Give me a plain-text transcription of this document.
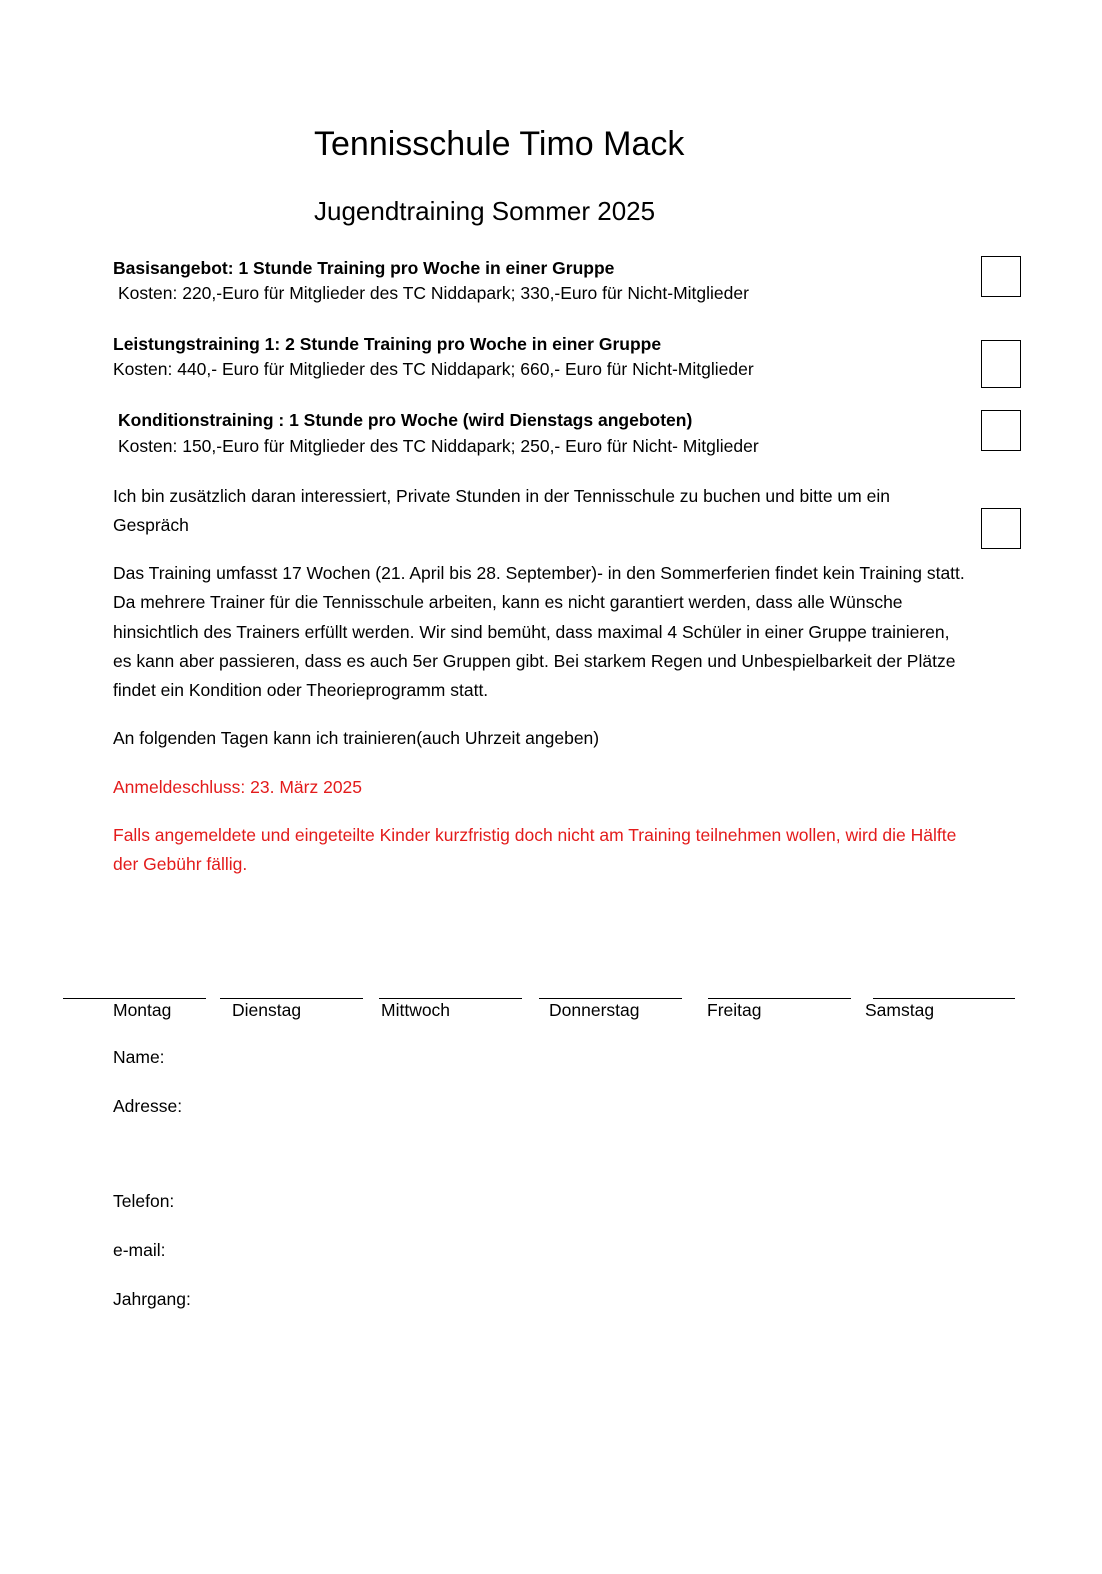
Tennisschule Timo Mack
Jugendtraining Sommer 2025
Basisangebot: 1 Stunde Training pro Woche in einer Gruppe
Kosten: 220,-Euro für Mitglieder des TC Niddapark; 330,-Euro für Nicht-Mitglieder
Leistungstraining 1: 2 Stunde Training pro Woche in einer Gruppe
Kosten: 440,- Euro für Mitglieder des TC Niddapark; 660,- Euro für Nicht-Mitglieder
Konditionstraining : 1 Stunde pro Woche (wird Dienstags angeboten)
Kosten: 150,-Euro für Mitglieder des TC Niddapark; 250,- Euro für Nicht- Mitglieder
Ich bin zusätzlich daran interessiert, Private Stunden in der Tennisschule zu buchen und bitte um ein Gespräch
Das Training umfasst 17 Wochen (21. April bis 28. September)- in den Sommerferien findet kein Training statt. Da mehrere Trainer für die Tennisschule arbeiten, kann es nicht garantiert werden, dass alle Wünsche hinsichtlich des Trainers erfüllt werden. Wir sind bemüht, dass maximal 4 Schüler in einer Gruppe trainieren, es kann aber passieren, dass es auch 5er Gruppen gibt. Bei starkem Regen und Unbespielbarkeit der Plätze findet ein Kondition oder Theorieprogramm statt.
An folgenden Tagen kann ich trainieren(auch Uhrzeit angeben)
Anmeldeschluss: 23. März 2025
Falls angemeldete und eingeteilte Kinder kurzfristig doch nicht am Training teilnehmen wollen, wird die Hälfte der Gebühr fällig.
Montag	Dienstag	Mittwoch	Donnerstag	Freitag	Samstag
Name:
Adresse:
Telefon:
e-mail:
Jahrgang:
